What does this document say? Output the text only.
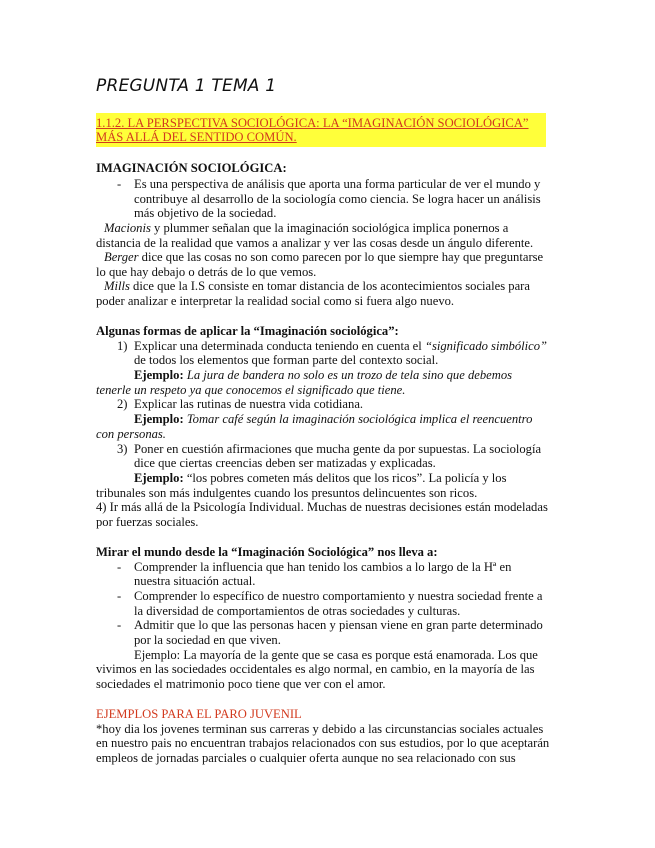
PREGUNTA 1 TEMA 1
1.1.2. LA PERSPECTIVA SOCIOLÓGICA: LA “IMAGINACIÓN SOCIOLÓGICA”
MÁS ALLÁ DEL SENTIDO COMÚN.
IMAGINACIÓN SOCIOLÓGICA:
- Es una perspectiva de análisis que aporta una forma particular de ver el mundo y
contribuye al desarrollo de la sociología como ciencia. Se logra hacer un análisis
más objetivo de la sociedad.
Macionis y plummer señalan que la imaginación sociológica implica ponernos a
distancia de la realidad que vamos a analizar y ver las cosas desde un ángulo diferente.
Berger dice que las cosas no son como parecen por lo que siempre hay que preguntarse
lo que hay debajo o detrás de lo que vemos.
Mills dice que la I.S consiste en tomar distancia de los acontecimientos sociales para
poder analizar e interpretar la realidad social como si fuera algo nuevo.
Algunas formas de aplicar la “Imaginación sociológica”:
1) Explicar una determinada conducta teniendo en cuenta el “significado simbólico”
de todos los elementos que forman parte del contexto social.
Ejemplo: La jura de bandera no solo es un trozo de tela sino que debemos
tenerle un respeto ya que conocemos el significado que tiene.
2) Explicar las rutinas de nuestra vida cotidiana.
Ejemplo: Tomar café según la imaginación sociológica implica el reencuentro
con personas.
3) Poner en cuestión afirmaciones que mucha gente da por supuestas. La sociología
dice que ciertas creencias deben ser matizadas y explicadas.
Ejemplo: “los pobres cometen más delitos que los ricos”. La policía y los
tribunales son más indulgentes cuando los presuntos delincuentes son ricos.
4) Ir más allá de la Psicología Individual. Muchas de nuestras decisiones están modeladas
por fuerzas sociales.
Mirar el mundo desde la “Imaginación Sociológica” nos lleva a:
- Comprender la influencia que han tenido los cambios a lo largo de la Hª en
nuestra situación actual.
- Comprender lo específico de nuestro comportamiento y nuestra sociedad frente a
la diversidad de comportamientos de otras sociedades y culturas.
- Admitir que lo que las personas hacen y piensan viene en gran parte determinado
por la sociedad en que viven.
Ejemplo: La mayoría de la gente que se casa es porque está enamorada. Los que
vivimos en las sociedades occidentales es algo normal, en cambio, en la mayoría de las
sociedades el matrimonio poco tiene que ver con el amor.
EJEMPLOS PARA EL PARO JUVENIL
*hoy dia los jovenes terminan sus carreras y debido a las circunstancias sociales actuales
en nuestro pais no encuentran trabajos relacionados con sus estudios, por lo que aceptarán
empleos de jornadas parciales o cualquier oferta aunque no sea relacionado con sus
